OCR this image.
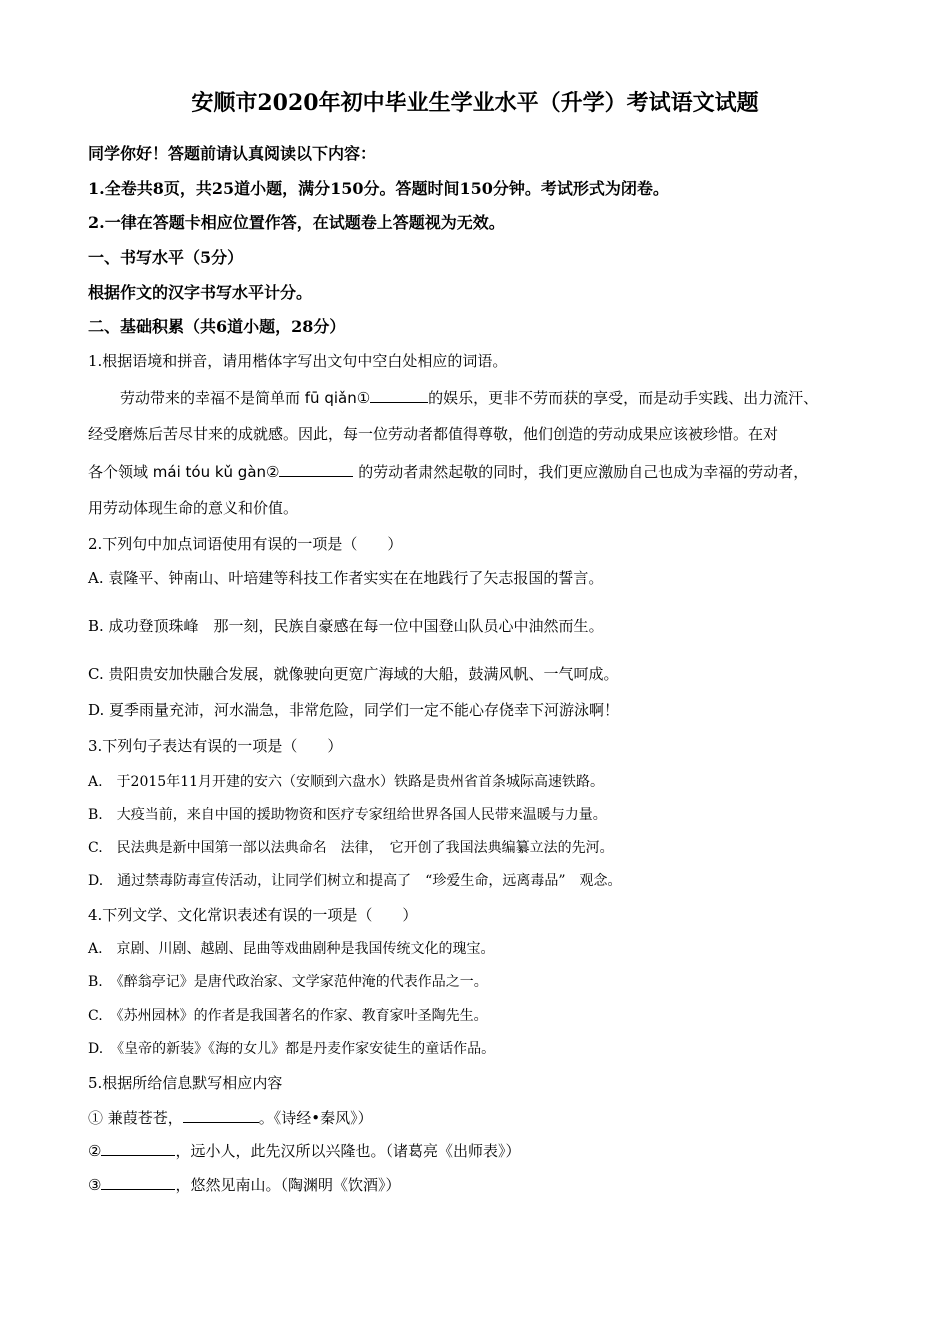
安顺市2020年初中毕业生学业水平（升学）考试语文试题
同学你好！答题前请认真阅读以下内容：
1.全卷共8页，共25道小题，满分150分。答题时间150分钟。考试形式为闭卷。
2.一律在答题卡相应位置作答，在试题卷上答题视为无效。
一、书写水平（5分）
根据作文的汉字书写水平计分。
二、基础积累（共6道小题，28分）
1.根据语境和拼音，请用楷体字写出文句中空白处相应的词语。
劳动带来的幸福不是简单而 fū qiǎn①	的娱乐，更非不劳而获的享受，而是动手实践、出力流汗、
经受磨炼后苦尽甘来的成就感。因此，每一位劳动者都值得尊敬，他们创造的劳动成果应该被珍惜。在对
各个领域 mái tóu kǔ gàn②	的劳动者肃然起敬的同时，我们更应激励自己也成为幸福的劳动者，
用劳动体现生命的意义和价值。
2.下列句中加点词语使用有误的一项是（　　）
A. 袁隆平、钟南山、叶培建等科技工作者实实在在地践行了矢志报国的誓言。
B. 成功登顶珠峰　那一刻，民族自豪感在每一位中国登山队员心中油然而生。
C. 贵阳贵安加快融合发展，就像驶向更宽广海域的大船，鼓满风帆、一气呵成。
D. 夏季雨量充沛，河水湍急，非常危险，同学们一定不能心存侥幸下河游泳啊！
3.下列句子表达有误的一项是（　　）
A.　于2015年11月开建的安六（安顺到六盘水）铁路是贵州省首条城际高速铁路。
B.　大疫当前，来自中国的援助物资和医疗专家纽给世界各国人民带来温暖与力量。
C.　民法典是新中国第一部以法典命名　法律，　它开创了我国法典编纂立法的先河。
D.　通过禁毒防毒宣传活动，让同学们树立和提高了　“珍爱生命，远离毒品”　观念。
4.下列文学、文化常识表述有误的一项是（　　）
A.　京剧、川剧、越剧、昆曲等戏曲剧种是我国传统文化的瑰宝。
B.　《醉翁亭记》是唐代政治家、文学家范仲淹的代表作品之一。
C.　《苏州园林》的作者是我国著名的作家、教育家叶圣陶先生。
D.　《皇帝的新装》《海的女儿》都是丹麦作家安徒生的童话作品。
5.根据所给信息默写相应内容
① 兼葭苍苍，	。《诗经•秦风》）
②	，远小人，此先汉所以兴隆也。（诸葛亮《出师表》）
③	，悠然见南山。（陶渊明《饮酒》）
